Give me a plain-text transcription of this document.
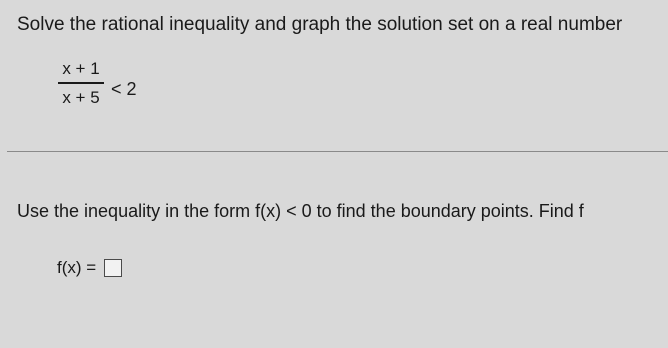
Solve the rational inequality and graph the solution set on a real number
x + 1
x + 5 < 2
Use the inequality in the form f(x) < 0 to find the boundary points. Find f
f(x) =
